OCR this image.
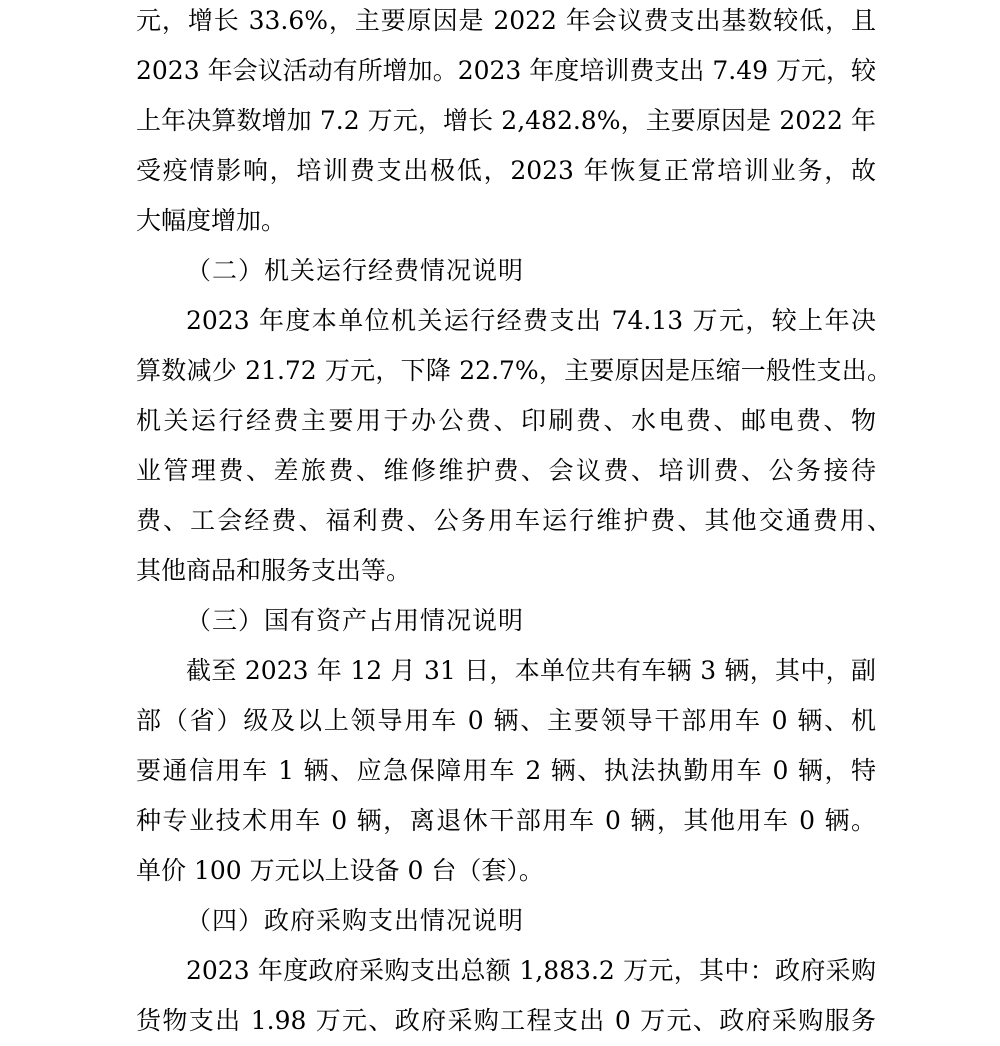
元，增长 33.6%，主要原因是 2022 年会议费支出基数较低，且
2023 年会议活动有所增加。2023 年度培训费支出 7.49 万元，较
上年决算数增加 7.2 万元，增长 2,482.8%，主要原因是 2022 年
受疫情影响，培训费支出极低，2023 年恢复正常培训业务，故
大幅度增加。
（二）机关运行经费情况说明
2023 年度本单位机关运行经费支出 74.13 万元，较上年决
算数减少 21.72 万元，下降 22.7%，主要原因是压缩一般性支出。
机关运行经费主要用于办公费、印刷费、水电费、邮电费、物
业管理费、差旅费、维修维护费、会议费、培训费、公务接待
费、工会经费、福利费、公务用车运行维护费、其他交通费用、
其他商品和服务支出等。
（三）国有资产占用情况说明
截至 2023 年 12 月 31 日，本单位共有车辆 3 辆，其中，副
部（省）级及以上领导用车 0 辆、主要领导干部用车 0 辆、机
要通信用车 1 辆、应急保障用车 2 辆、执法执勤用车 0 辆，特
种专业技术用车 0 辆，离退休干部用车 0 辆，其他用车 0 辆。
单价 100 万元以上设备 0 台（套）。
（四）政府采购支出情况说明
2023 年度政府采购支出总额 1,883.2 万元，其中：政府采购
货物支出 1.98 万元、政府采购工程支出 0 万元、政府采购服务
